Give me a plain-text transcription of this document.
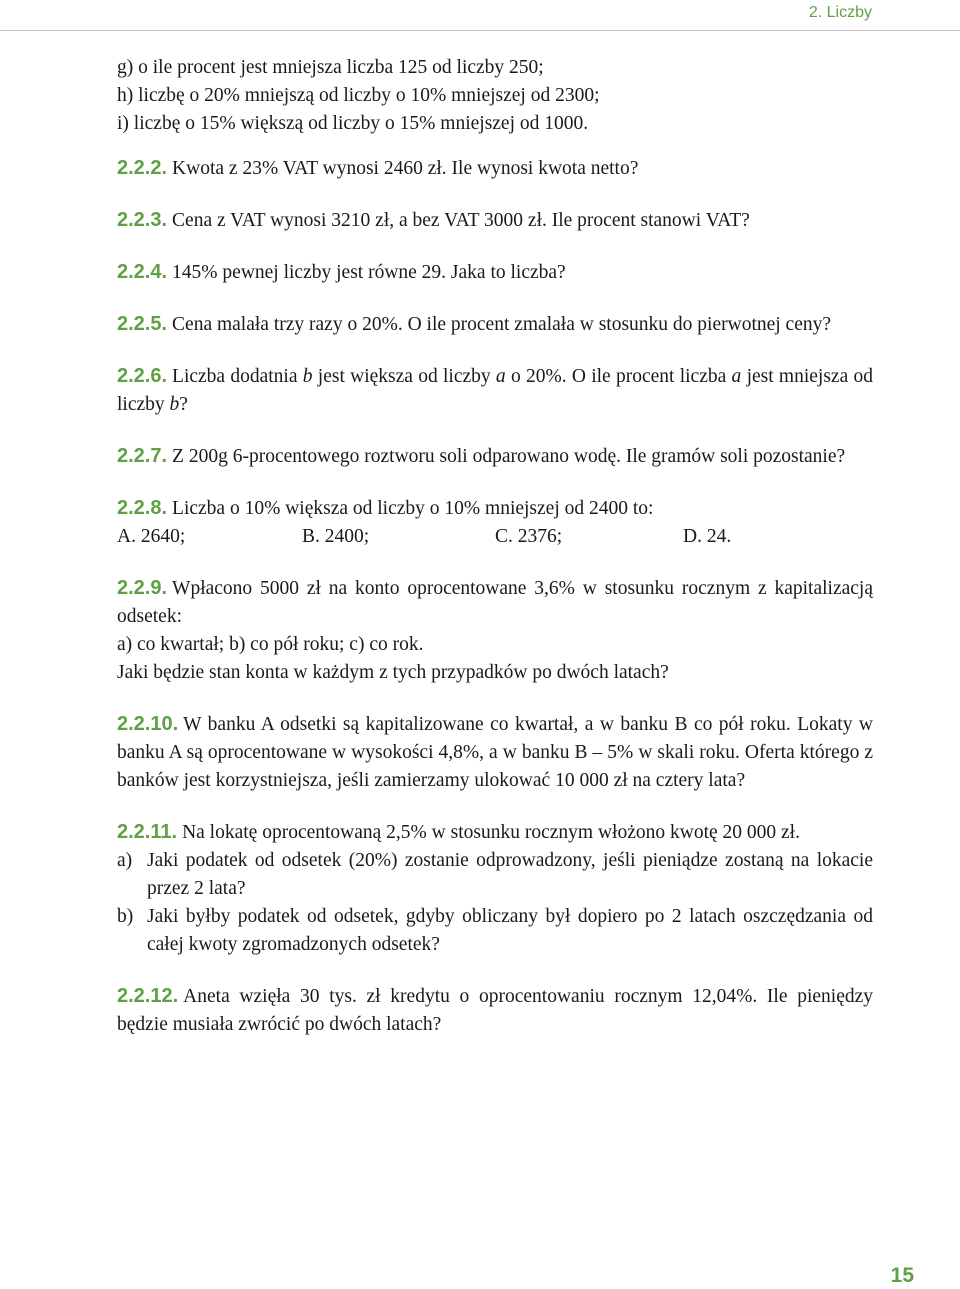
2. Liczby
g) o ile procent jest mniejsza liczba 125 od liczby 250;
h) liczbę o 20% mniejszą od liczby o 10% mniejszej od 2300;
i) liczbę o 15% większą od liczby o 15% mniejszej od 1000.
2.2.2. Kwota z 23% VAT wynosi 2460 zł. Ile wynosi kwota netto?
2.2.3. Cena z VAT wynosi 3210 zł, a bez VAT 3000 zł. Ile procent stanowi VAT?
2.2.4. 145% pewnej liczby jest równe 29. Jaka to liczba?
2.2.5. Cena malała trzy razy o 20%. O ile procent zmalała w stosunku do pierwotnej ceny?
2.2.6. Liczba dodatnia b jest większa od liczby a o 20%. O ile procent liczba a jest mniejsza od liczby b?
2.2.7. Z 200g 6-procentowego roztworu soli odparowano wodę. Ile gramów soli pozostanie?
2.2.8. Liczba o 10% większa od liczby o 10% mniejszej od 2400 to:
A. 2640;	B. 2400;	C. 2376;	D. 24.
2.2.9. Wpłacono 5000 zł na konto oprocentowane 3,6% w stosunku rocznym z kapitalizacją odsetek:
a) co kwartał; b) co pół roku; c) co rok.
Jaki będzie stan konta w każdym z tych przypadków po dwóch latach?
2.2.10. W banku A odsetki są kapitalizowane co kwartał, a w banku B co pół roku. Lokaty w banku A są oprocentowane w wysokości 4,8%, a w banku B – 5% w skali roku. Oferta którego z banków jest korzystniejsza, jeśli zamierzamy ulokować 10 000 zł na cztery lata?
2.2.11. Na lokatę oprocentowaną 2,5% w stosunku rocznym włożono kwotę 20 000 zł.
a) Jaki podatek od odsetek (20%) zostanie odprowadzony, jeśli pieniądze zostaną na lokacie przez 2 lata?
b) Jaki byłby podatek od odsetek, gdyby obliczany był dopiero po 2 latach oszczędzania od całej kwoty zgromadzonych odsetek?
2.2.12. Aneta wzięła 30 tys. zł kredytu o oprocentowaniu rocznym 12,04%. Ile pieniędzy będzie musiała zwrócić po dwóch latach?
15
